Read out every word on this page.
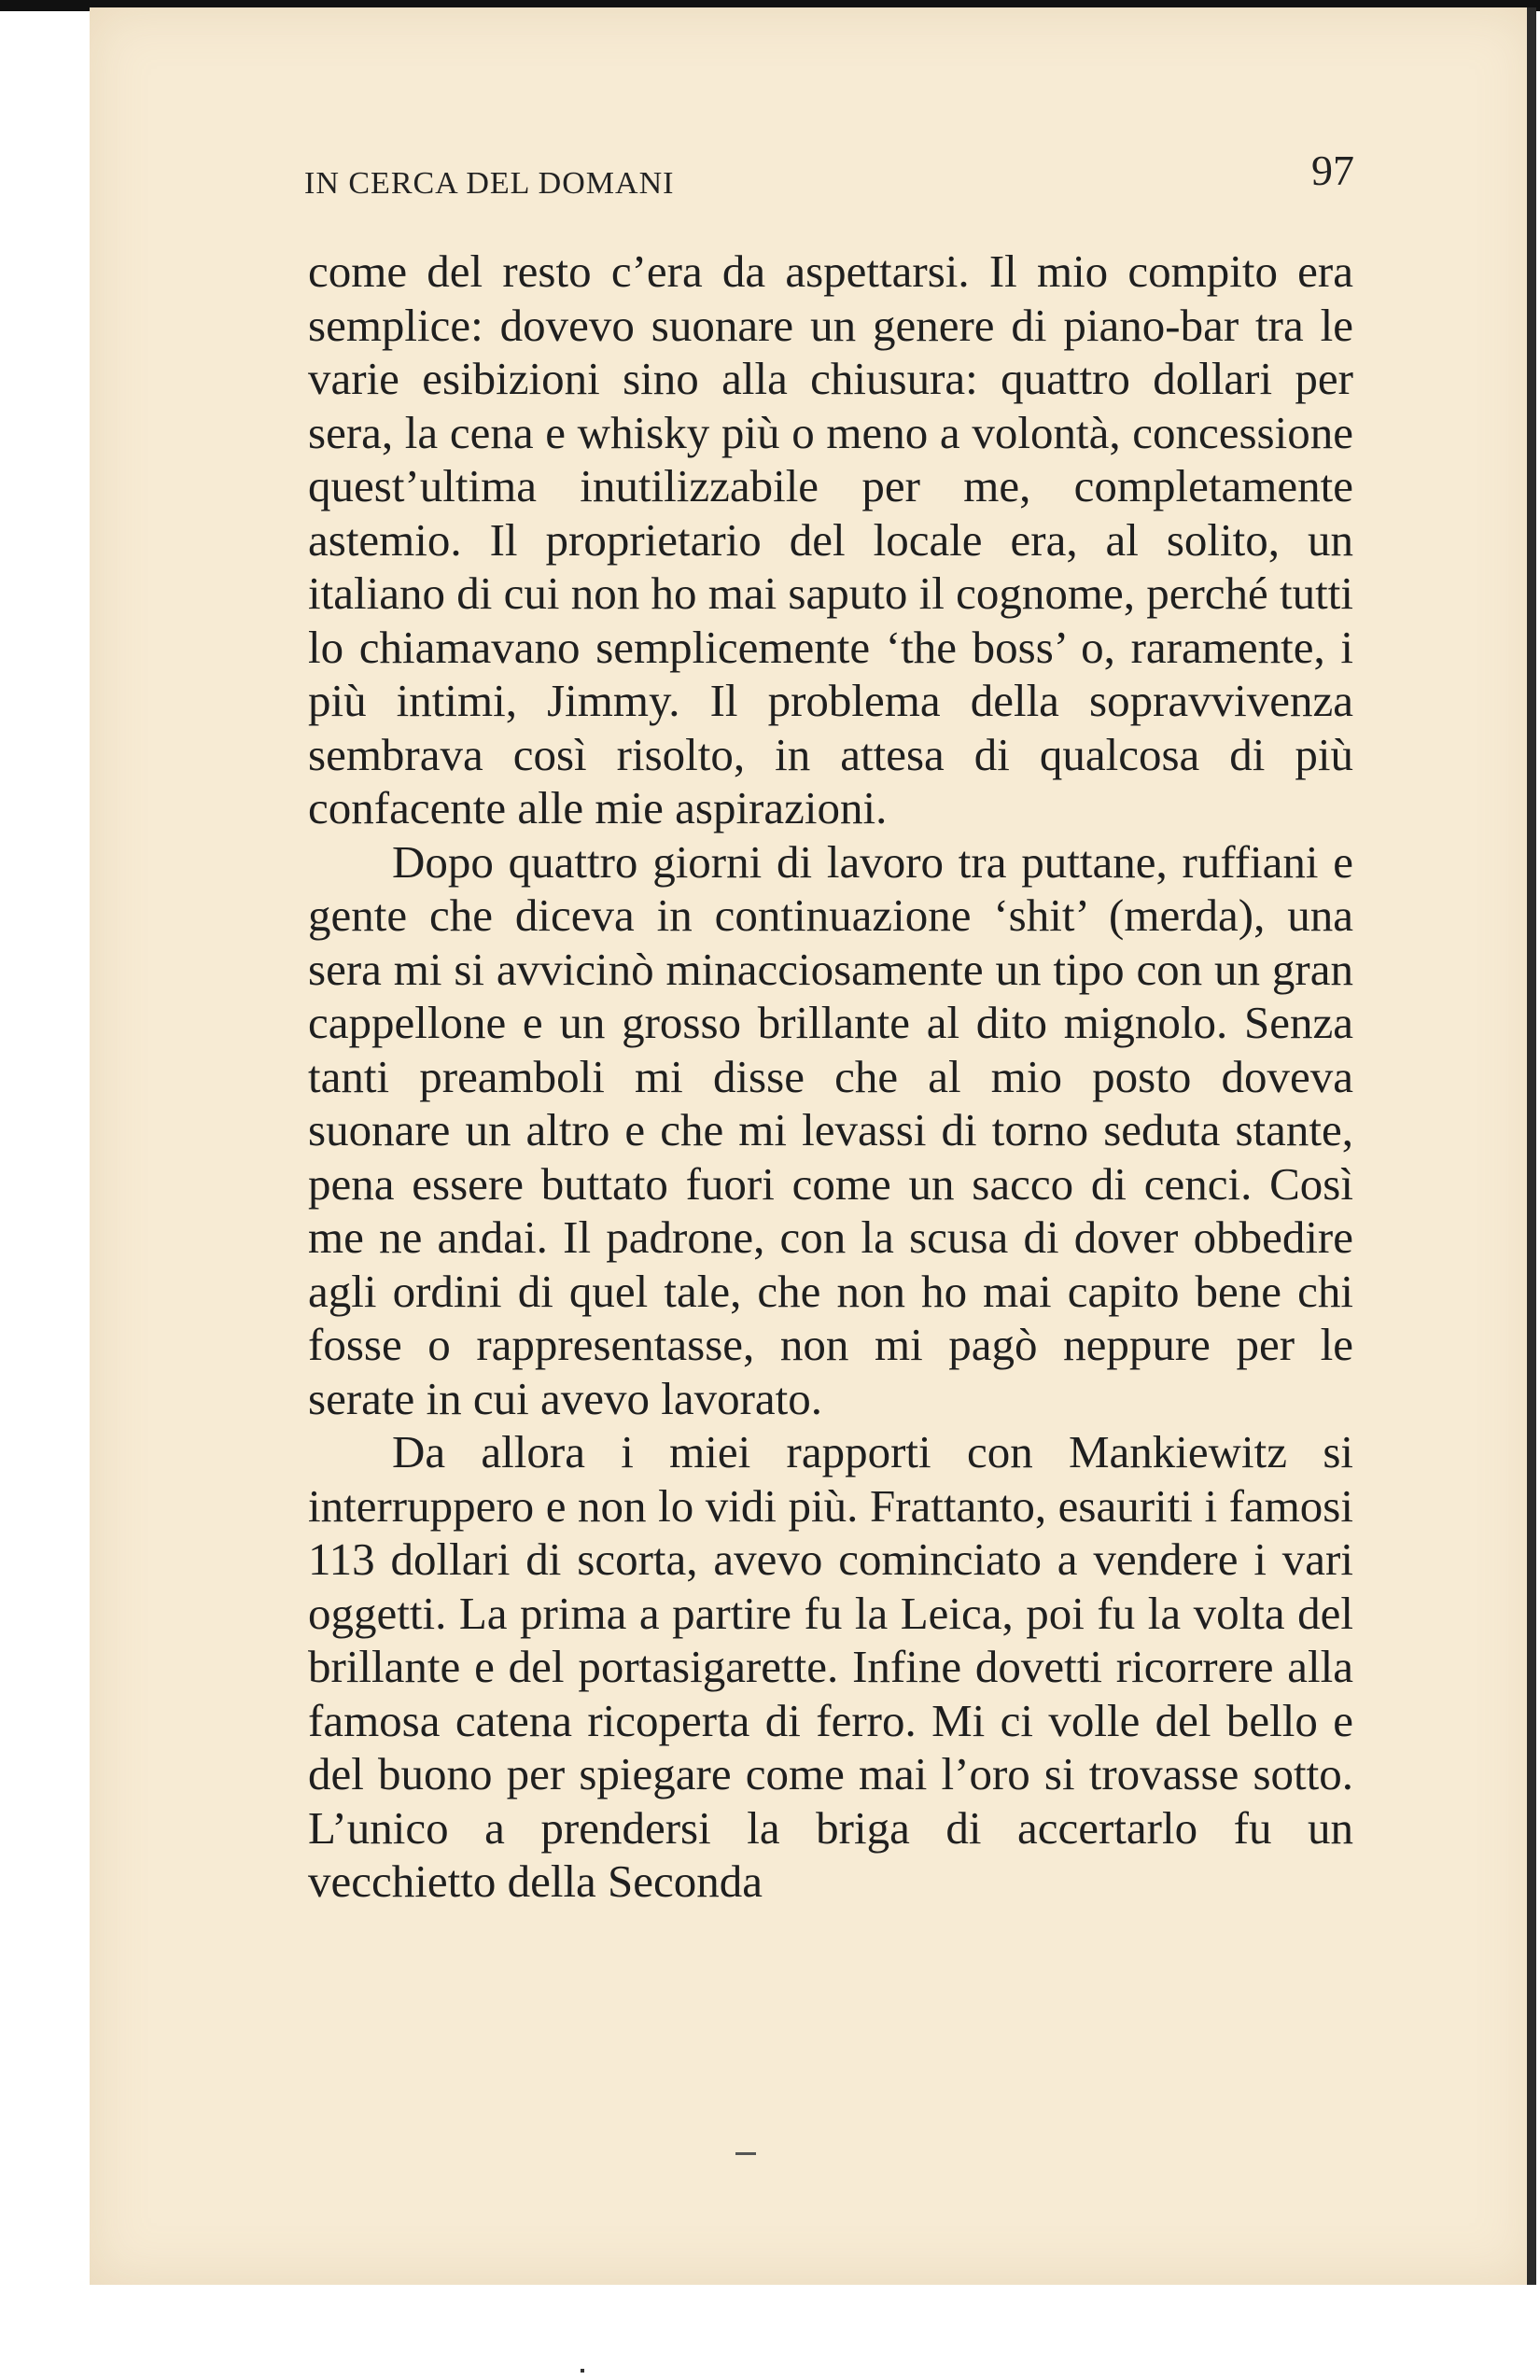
IN CERCA DEL DOMANI	97

come del resto c’era da aspettarsi. Il mio compito era semplice: dovevo suonare un genere di piano-bar tra le varie esibizioni sino alla chiusura: quattro dollari per sera, la cena e whisky più o meno a volontà, concessione quest’ultima inutilizzabile per me, completamente astemio. Il proprietario del locale era, al solito, un italiano di cui non ho mai saputo il cognome, perché tutti lo chiamavano semplicemente ‘the boss’ o, raramente, i più intimi, Jimmy. Il problema della sopravvivenza sembrava così risolto, in attesa di qualcosa di più confacente alle mie aspirazioni.

Dopo quattro giorni di lavoro tra puttane, ruffiani e gente che diceva in continuazione ‘shit’ (merda), una sera mi si avvicinò minacciosamente un tipo con un gran cappellone e un grosso brillante al dito mignolo. Senza tanti preamboli mi disse che al mio posto doveva suonare un altro e che mi levassi di torno seduta stante, pena essere buttato fuori come un sacco di cenci. Così me ne andai. Il padrone, con la scusa di dover obbedire agli ordini di quel tale, che non ho mai capito bene chi fosse o rappresentasse, non mi pagò neppure per le serate in cui avevo lavorato.

Da allora i miei rapporti con Mankiewitz si interruppero e non lo vidi più. Frattanto, esauriti i famosi 113 dollari di scorta, avevo cominciato a vendere i vari oggetti. La prima a partire fu la Leica, poi fu la volta del brillante e del portasigarette. Infine dovetti ricorrere alla famosa catena ricoperta di ferro. Mi ci volle del bello e del buono per spiegare come mai l’oro si trovasse sotto. L’unico a prendersi la briga di accertarlo fu un vecchietto della Seconda
